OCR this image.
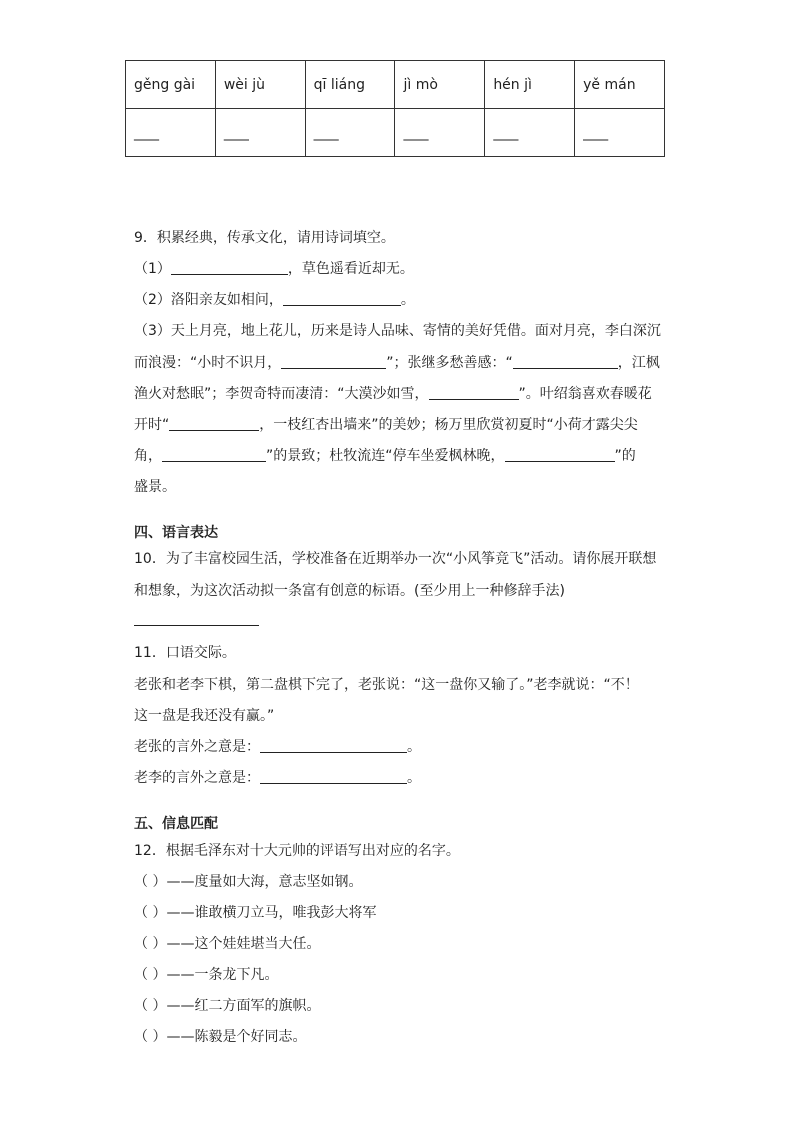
gěng gài	wèi jù	qī liáng	jì mò	hén jì	yě mán
____	____	____	____	____	____
9．积累经典，传承文化，请用诗词填空。
（1）	，草色遥看近却无。
（2）洛阳亲友如相问，	。
（3）天上月亮，地上花儿，历来是诗人品味、寄情的美好凭借。面对月亮，李白深沉
而浪漫：“小时不识月，	”；张继多愁善感：“	，江枫
渔火对愁眠”；李贺奇特而凄清：“大漠沙如雪，	”。叶绍翁喜欢春暖花
开时“	，一枝红杏出墙来”的美妙；杨万里欣赏初夏时“小荷才露尖尖
角，	”的景致；杜牧流连“停车坐爱枫林晚，	”的
盛景。
四、语言表达
10．为了丰富校园生活，学校准备在近期举办一次“小风筝竞飞”活动。请你展开联想
和想象，为这次活动拟一条富有创意的标语。(至少用上一种修辞手法)
11．口语交际。
老张和老李下棋，第二盘棋下完了，老张说：“这一盘你又输了。”老李就说：“不！
这一盘是我还没有赢。”
老张的言外之意是：	。
老李的言外之意是：	。
五、信息匹配
12．根据毛泽东对十大元帅的评语写出对应的名字。
（ ）——度量如大海，意志坚如钢。
（ ）——谁敢横刀立马，唯我彭大将军
（ ）——这个娃娃堪当大任。
（ ）——一条龙下凡。
（ ）——红二方面军的旗帜。
（ ）——陈毅是个好同志。
